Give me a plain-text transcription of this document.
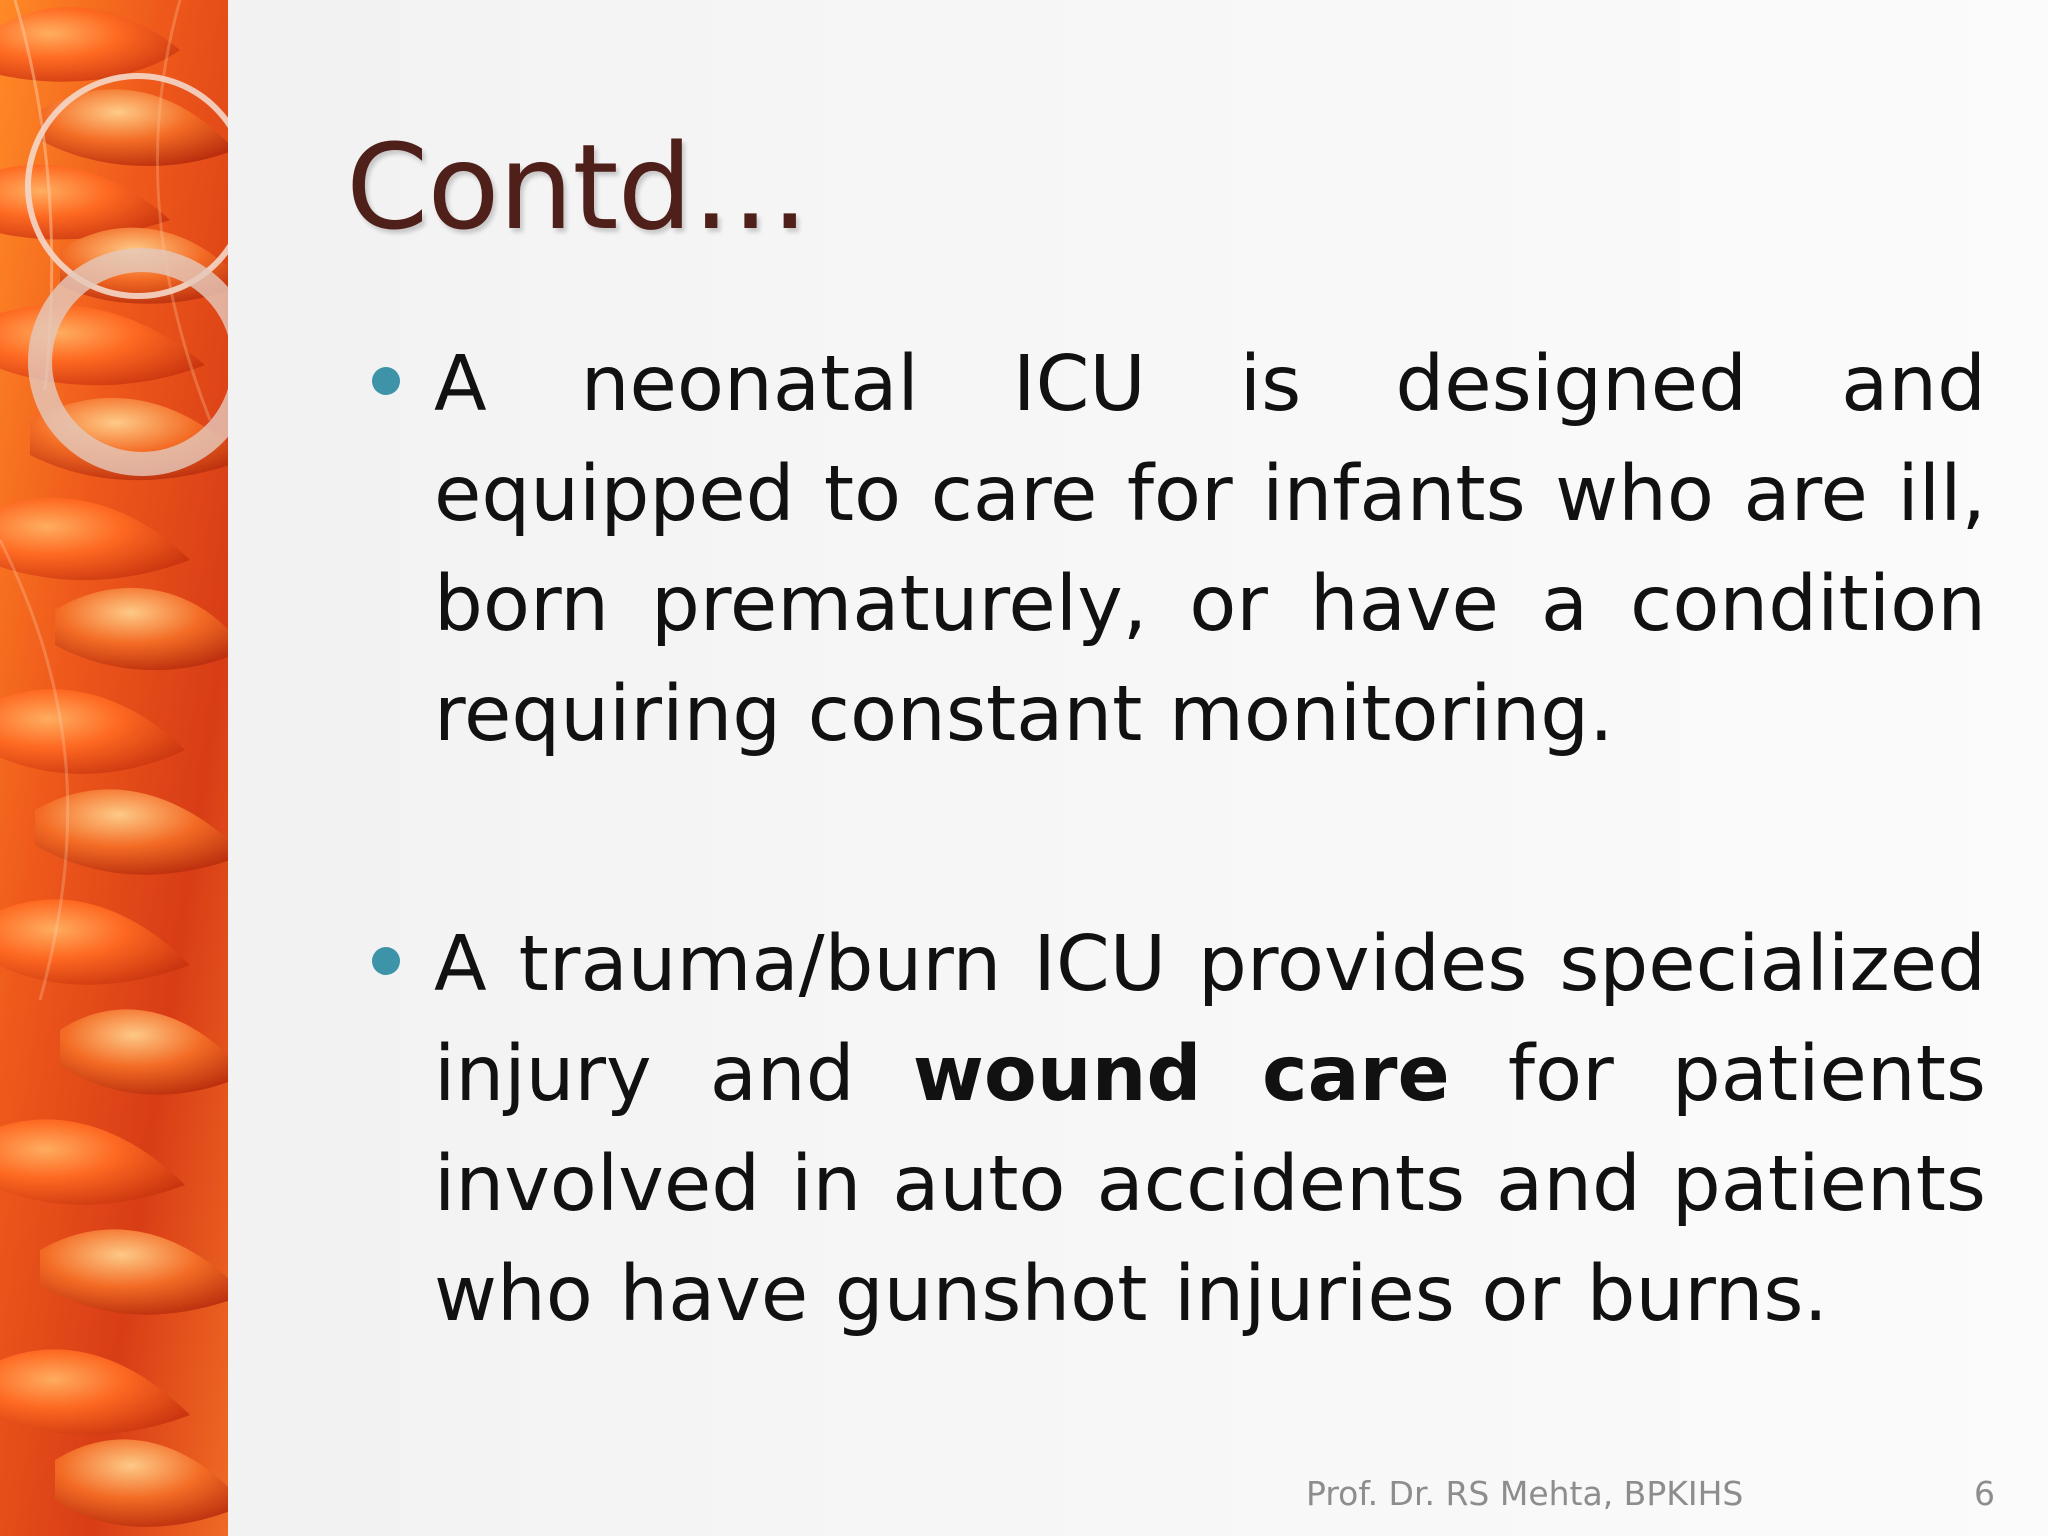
Contd…
A neonatal ICU is designed and equipped to care for infants who are ill, born prematurely, or have a condition requiring constant monitoring.
A trauma/burn ICU provides specialized injury and wound care for patients involved in auto accidents and patients who have gunshot injuries or burns.
Prof. Dr. RS Mehta, BPKIHS	6
